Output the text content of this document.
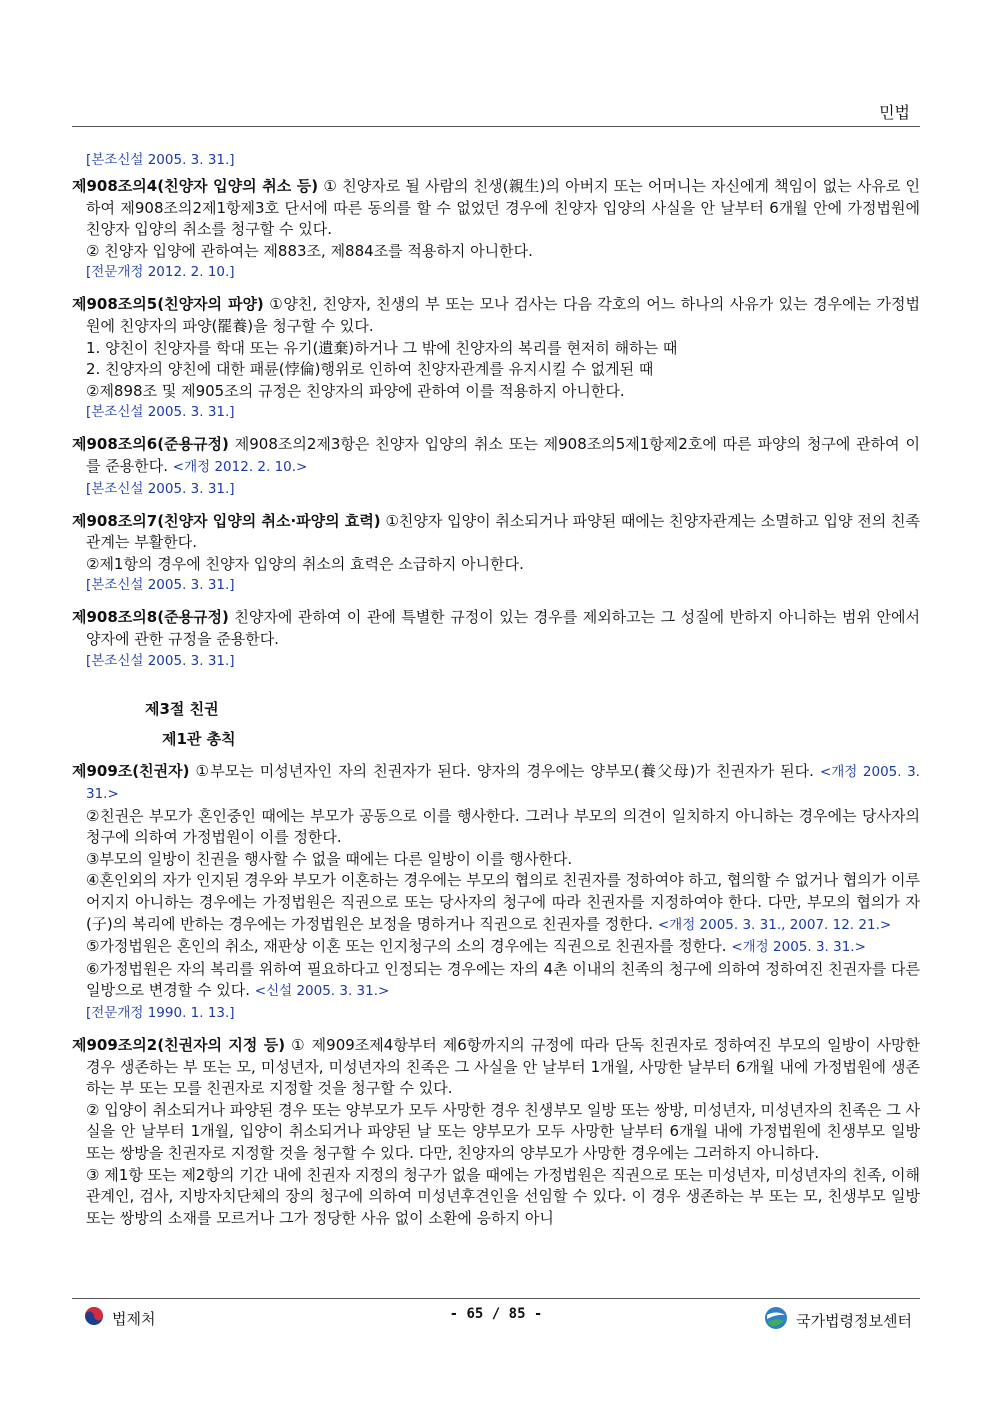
민법
[본조신설 2005. 3. 31.]

제908조의4(친양자 입양의 취소 등) ① 친양자로 될 사람의 친생(親生)의 아버지 또는 어머니는 자신에게 책임이 없는 사유로 인하여 제908조의2제1항제3호 단서에 따른 동의를 할 수 없었던 경우에 친양자 입양의 사실을 안 날부터 6개월 안에 가정법원에 친양자 입양의 취소를 청구할 수 있다.

② 친양자 입양에 관하여는 제883조, 제884조를 적용하지 아니한다.

[전문개정 2012. 2. 10.]

제908조의5(친양자의 파양) ①양친, 친양자, 친생의 부 또는 모나 검사는 다음 각호의 어느 하나의 사유가 있는 경우에는 가정법원에 친양자의 파양(罷養)을 청구할 수 있다.

1. 양친이 친양자를 학대 또는 유기(遺棄)하거나 그 밖에 친양자의 복리를 현저히 해하는 때

2. 친양자의 양친에 대한 패륜(悖倫)행위로 인하여 친양자관계를 유지시킬 수 없게된 때

②제898조 및 제905조의 규정은 친양자의 파양에 관하여 이를 적용하지 아니한다.

[본조신설 2005. 3. 31.]

제908조의6(준용규정) 제908조의2제3항은 친양자 입양의 취소 또는 제908조의5제1항제2호에 따른 파양의 청구에 관하여 이를 준용한다. <개정 2012. 2. 10.>

[본조신설 2005. 3. 31.]

제908조의7(친양자 입양의 취소·파양의 효력) ①친양자 입양이 취소되거나 파양된 때에는 친양자관계는 소멸하고 입양 전의 친족관계는 부활한다.

②제1항의 경우에 친양자 입양의 취소의 효력은 소급하지 아니한다.

[본조신설 2005. 3. 31.]

제908조의8(준용규정) 친양자에 관하여 이 관에 특별한 규정이 있는 경우를 제외하고는 그 성질에 반하지 아니하는 범위 안에서 양자에 관한 규정을 준용한다.

[본조신설 2005. 3. 31.]
제3절 친권
제1관 총칙

제909조(친권자) ①부모는 미성년자인 자의 친권자가 된다. 양자의 경우에는 양부모(養父母)가 친권자가 된다. <개정 2005. 3. 31.>

②친권은 부모가 혼인중인 때에는 부모가 공동으로 이를 행사한다. 그러나 부모의 의견이 일치하지 아니하는 경우에는 당사자의 청구에 의하여 가정법원이 이를 정한다.

③부모의 일방이 친권을 행사할 수 없을 때에는 다른 일방이 이를 행사한다.

④혼인외의 자가 인지된 경우와 부모가 이혼하는 경우에는 부모의 협의로 친권자를 정하여야 하고, 협의할 수 없거나 협의가 이루어지지 아니하는 경우에는 가정법원은 직권으로 또는 당사자의 청구에 따라 친권자를 지정하여야 한다. 다만, 부모의 협의가 자(子)의 복리에 반하는 경우에는 가정법원은 보정을 명하거나 직권으로 친권자를 정한다. <개정 2005. 3. 31., 2007. 12. 21.>

⑤가정법원은 혼인의 취소, 재판상 이혼 또는 인지청구의 소의 경우에는 직권으로 친권자를 정한다. <개정 2005. 3. 31.>

⑥가정법원은 자의 복리를 위하여 필요하다고 인정되는 경우에는 자의 4촌 이내의 친족의 청구에 의하여 정하여진 친권자를 다른 일방으로 변경할 수 있다. <신설 2005. 3. 31.>

[전문개정 1990. 1. 13.]

제909조의2(친권자의 지정 등) ① 제909조제4항부터 제6항까지의 규정에 따라 단독 친권자로 정하여진 부모의 일방이 사망한 경우 생존하는 부 또는 모, 미성년자, 미성년자의 친족은 그 사실을 안 날부터 1개월, 사망한 날부터 6개월 내에 가정법원에 생존하는 부 또는 모를 친권자로 지정할 것을 청구할 수 있다.

② 입양이 취소되거나 파양된 경우 또는 양부모가 모두 사망한 경우 친생부모 일방 또는 쌍방, 미성년자, 미성년자의 친족은 그 사실을 안 날부터 1개월, 입양이 취소되거나 파양된 날 또는 양부모가 모두 사망한 날부터 6개월 내에 가정법원에 친생부모 일방 또는 쌍방을 친권자로 지정할 것을 청구할 수 있다. 다만, 친양자의 양부모가 사망한 경우에는 그러하지 아니하다.

③ 제1항 또는 제2항의 기간 내에 친권자 지정의 청구가 없을 때에는 가정법원은 직권으로 또는 미성년자, 미성년자의 친족, 이해관계인, 검사, 지방자치단체의 장의 청구에 의하여 미성년후견인을 선임할 수 있다. 이 경우 생존하는 부 또는 모, 친생부모 일방 또는 쌍방의 소재를 모르거나 그가 정당한 사유 없이 소환에 응하지 아니

법제처	- 65 / 85 -	국가법령정보센터
